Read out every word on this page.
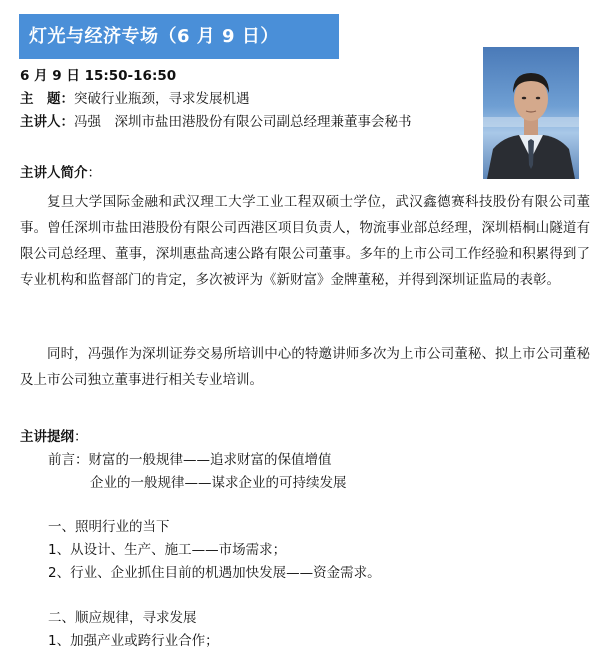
灯光与经济专场（6 月 9 日）
6 月 9 日 15:50-16:50
主　题：突破行业瓶颈，寻求发展机遇
主讲人：冯强　深圳市盐田港股份有限公司副总经理兼董事会秘书
主讲人简介：
复旦大学国际金融和武汉理工大学工业工程双硕士学位，武汉鑫德赛科技股份有限公司董事。曾任深圳市盐田港股份有限公司西港区项目负责人，物流事业部总经理，深圳梧桐山隧道有限公司总经理、董事，深圳惠盐高速公路有限公司董事。多年的上市公司工作经验和积累得到了专业机构和监督部门的肯定，多次被评为《新财富》金牌董秘，并得到深圳证监局的表彰。
同时，冯强作为深圳证券交易所培训中心的特邀讲师多次为上市公司董秘、拟上市公司董秘及上市公司独立董事进行相关专业培训。
主讲提纲：
前言：财富的一般规律——追求财富的保值增值
企业的一般规律——谋求企业的可持续发展
一、照明行业的当下
1、从设计、生产、施工——市场需求；
2、行业、企业抓住目前的机遇加快发展——资金需求。
二、顺应规律，寻求发展
1、加强产业或跨行业合作；
